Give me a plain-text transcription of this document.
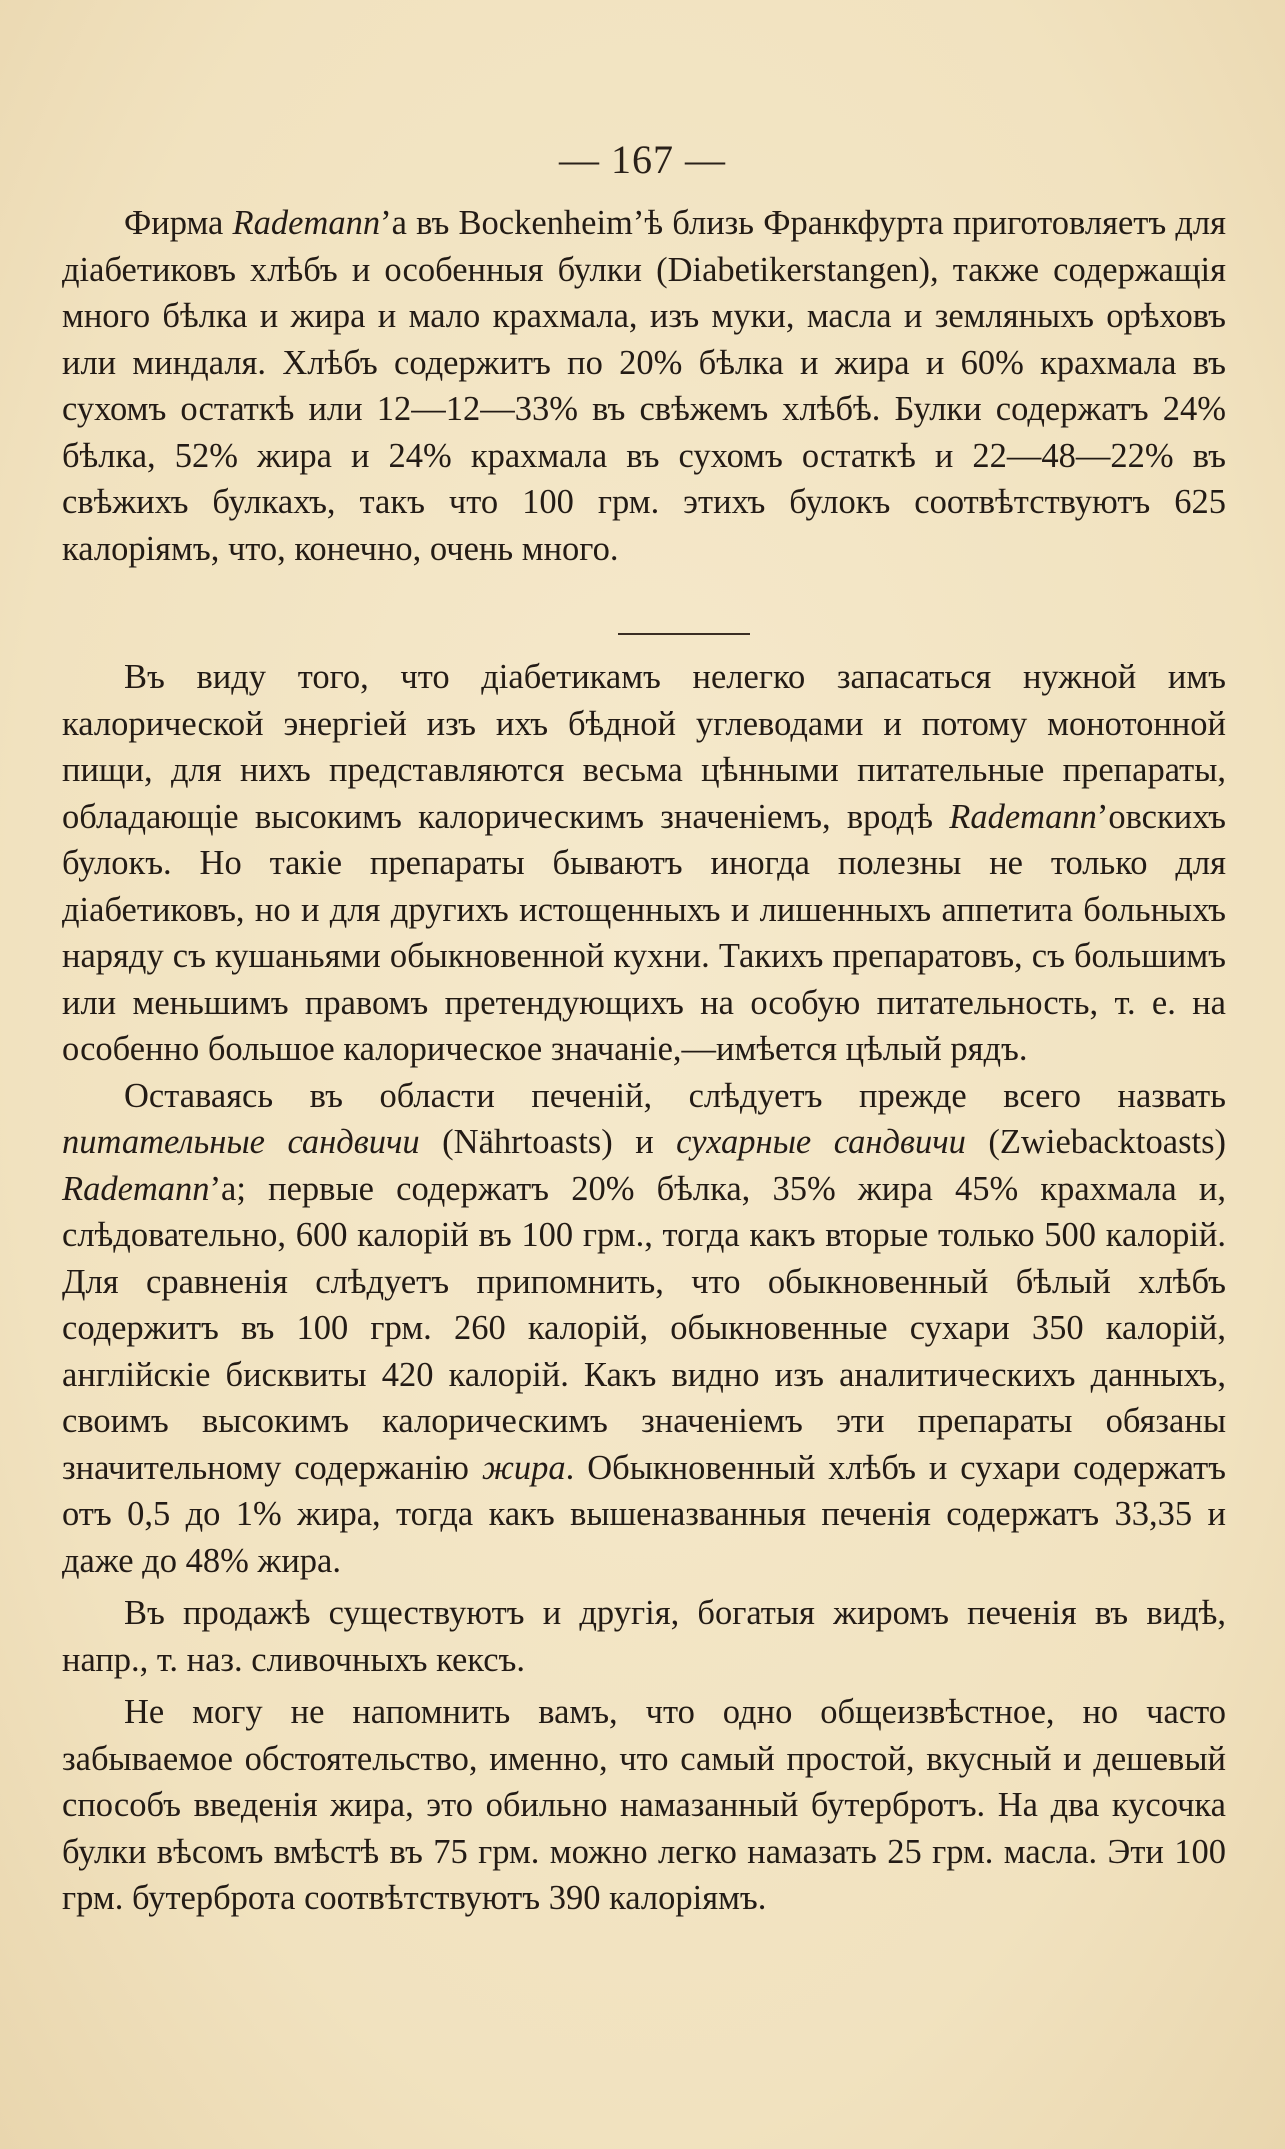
— 167 —

Фирма Rademann’а въ Bockenheim’ѣ близь Франкфурта приготовляетъ для діабетиковъ хлѣбъ и особенныя булки (Diabetikerstangen), также содержащія много бѣлка и жира и мало крахмала, изъ муки, масла и земляныхъ орѣховъ или миндаля. Хлѣбъ содержитъ по 20% бѣлка и жира и 60% крахмала въ сухомъ остаткѣ или 12—12—33% въ свѣжемъ хлѣбѣ. Булки содержатъ 24% бѣлка, 52% жира и 24% крахмала въ сухомъ остаткѣ и 22—48—22% въ свѣжихъ булкахъ, такъ что 100 грм. этихъ булокъ соотвѣтствуютъ 625 калоріямъ, что, конечно, очень много.

Въ виду того, что діабетикамъ нелегко запасаться нужной имъ калорической энергіей изъ ихъ бѣдной углеводами и потому монотонной пищи, для нихъ представляются весьма цѣнными питательные препараты, обладающіе высокимъ калорическимъ значеніемъ, вродѣ Rademann’овскихъ булокъ. Но такіе препараты бываютъ иногда полезны не только для діабетиковъ, но и для другихъ истощенныхъ и лишенныхъ аппетита больныхъ наряду съ кушаньями обыкновенной кухни. Такихъ препаратовъ, съ большимъ или меньшимъ правомъ претендующихъ на особую питательность, т. е. на особенно большое калорическое значаніе,—имѣется цѣлый рядъ.

Оставаясь въ области печеній, слѣдуетъ прежде всего назвать питательные сандвичи (Nährtoasts) и сухарные сандвичи (Zwiebacktoasts) Rademann’а; первые содержатъ 20% бѣлка, 35% жира 45% крахмала и, слѣдовательно, 600 калорій въ 100 грм., тогда какъ вторые только 500 калорій. Для сравненія слѣдуетъ припомнить, что обыкновенный бѣлый хлѣбъ содержитъ въ 100 грм. 260 калорій, обыкновенные сухари 350 калорій, англійскіе бисквиты 420 калорій. Какъ видно изъ аналитическихъ данныхъ, своимъ высокимъ калорическимъ значеніемъ эти препараты обязаны значительному содержанію жира. Обыкновенный хлѣбъ и сухари содержатъ отъ 0,5 до 1% жира, тогда какъ вышеназванныя печенія содержатъ 33,35 и даже до 48% жира.

Въ продажѣ существуютъ и другія, богатыя жиромъ печенія въ видѣ, напр., т. наз. сливочныхъ кексъ.

Не могу не напомнить вамъ, что одно общеизвѣстное, но часто забываемое обстоятельство, именно, что самый простой, вкусный и дешевый способъ введенія жира, это обильно намазанный бутербротъ. На два кусочка булки вѣсомъ вмѣстѣ въ 75 грм. можно легко намазать 25 грм. масла. Эти 100 грм. бутерброта соотвѣтствуютъ 390 калоріямъ.
